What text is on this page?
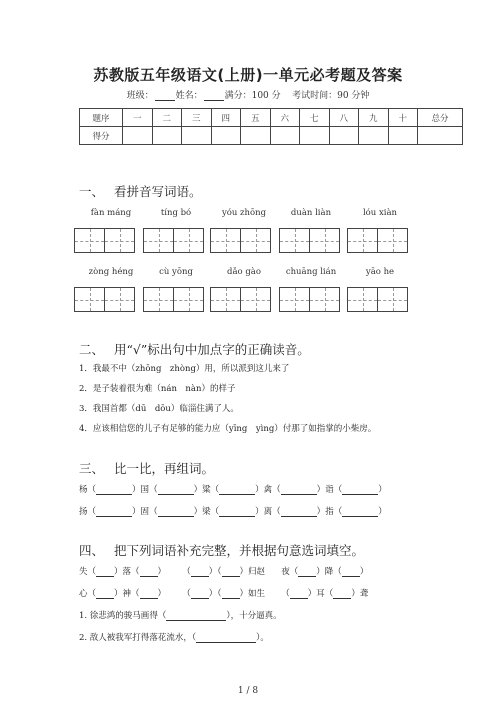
苏教版五年级语文(上册)一单元必考题及答案
班级： 姓名： 满分：100 分 考试时间：90 分钟
题序	一	二	三	四	五	六	七	八	九	十	总分
得分											
一、 看拼音写词语。
fàn máng	tíng bó	yóu zhōng	duàn liàn	lóu xiàn
zòng héng	cù yōng	dǎo gào	chuāng lián	yāo he
二、 用“√”标出句中加点字的正确读音。
1．我最不中（zhōng　zhòng）用，所以派到这儿来了
2．是子装着很为难（nán　nàn）的样子
3．我国首都（dū　dōu）临淄住满了人。
4．应该相信您的儿子有足够的能力应（yīng　yìng）付那了如指掌的小柴房。
三、 比一比，再组词。
杨（	）国（	）粱（	）禽（	）诣（	）
扬（	）固（	）梁（	）离（	）指（	）
四、 把下列词语补充完整，并根据句意选词填空。
失（ ）落（ ） （ ）（ ）归赵 夜（ ）降（ ）
心（ ）神（ ） （ ）（ ）如生 （ ）耳（ ）聋
1. 徐悲鸿的骏马画得（	），十分逼真。
2. 敌人被我军打得落花流水，（	）。
1 / 8
